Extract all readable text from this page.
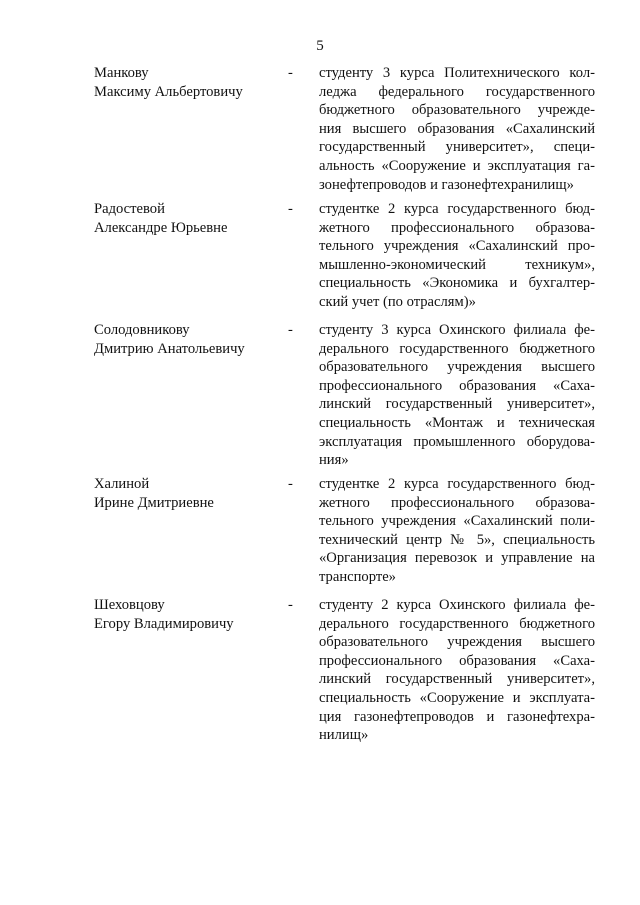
5
Манкову
Максиму Альбертовичу
- студенту 3 курса Политехнического кол-
леджа федерального государственного
бюджетного образовательного учрежде-
ния высшего образования «Сахалинский
государственный университет», специ-
альность «Сооружение и эксплуатация га-
зонефтепроводов и газонефтехранилищ»
Радостевой
Александре Юрьевне
- студентке 2 курса государственного бюд-
жетного профессионального образова-
тельного учреждения «Сахалинский про-
мышленно-экономический техникум»,
специальность «Экономика и бухгалтер-
ский учет (по отраслям)»
Солодовникову
Дмитрию Анатольевичу
- студенту 3 курса Охинского филиала фе-
дерального государственного бюджетного
образовательного учреждения высшего
профессионального образования «Саха-
линский государственный университет»,
специальность «Монтаж и техническая
эксплуатация промышленного оборудова-
ния»
Халиной
Ирине Дмитриевне
- студентке 2 курса государственного бюд-
жетного профессионального образова-
тельного учреждения «Сахалинский поли-
технический центр № 5», специальность
«Организация перевозок и управление на
транспорте»
Шеховцову
Егору Владимировичу
- студенту 2 курса Охинского филиала фе-
дерального государственного бюджетного
образовательного учреждения высшего
профессионального образования «Саха-
линский государственный университет»,
специальность «Сооружение и эксплуата-
ция газонефтепроводов и газонефтехра-
нилищ»
